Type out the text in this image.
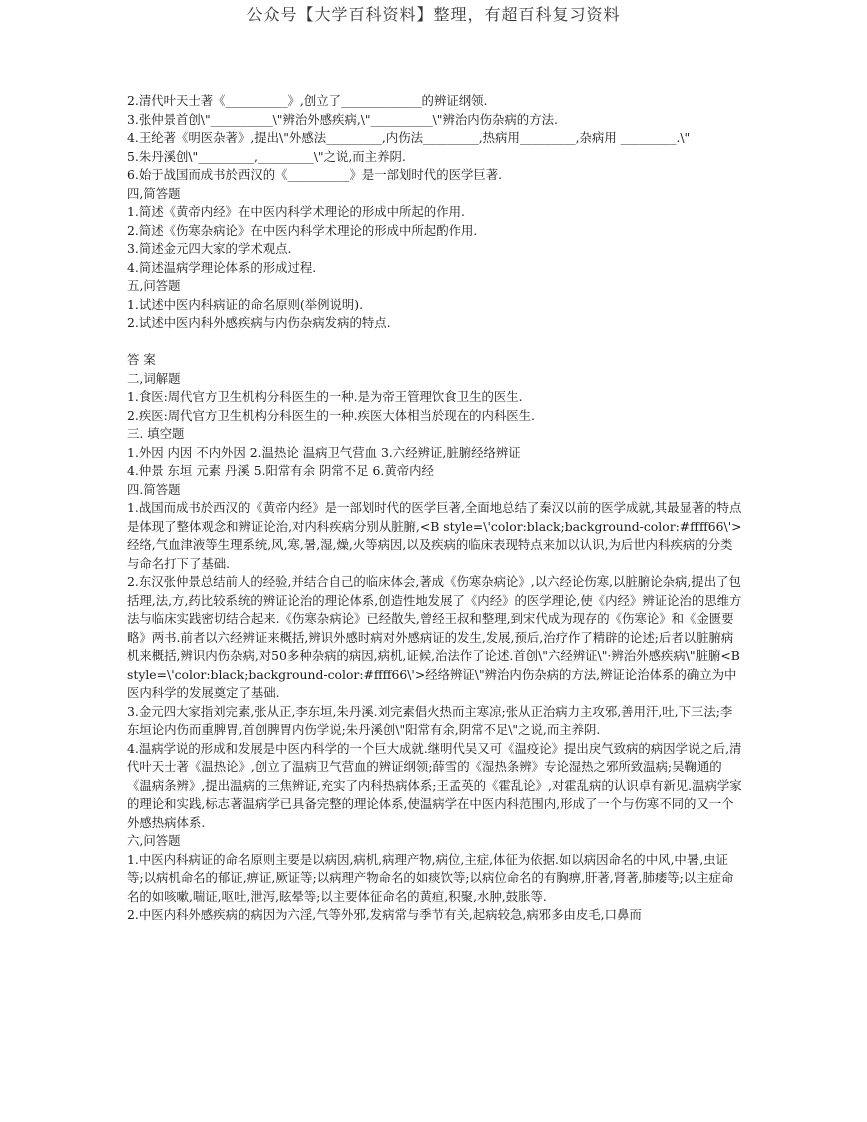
公众号【大学百科资料】整理，有超百科复习资料

2.清代叶天士著《__________》,创立了_____________的辨证纲领.

3.张仲景首创\"__________\"辨治外感疾病,\"__________\"辨治内伤杂病的方法.

4.王纶著《明医杂著》,提出\"外感法_________,内伤法_________,热病用_________,杂病用 _________.\"

5.朱丹溪创\"_________,_________\"之说,而主养阴.

6.始于战国而成书於西汉的《__________》是一部划时代的医学巨著.

四,简答题

1.简述《黄帝内经》在中医内科学术理论的形成中所起的作用.

2.简述《伤寒杂病论》在中医内科学术理论的形成中所起酌作用.

3.简述金元四大家的学术观点.

4.简述温病学理论体系的形成过程.

五,问答题

1.试述中医内科病证的命名原则(举例说明).

2.试述中医内科外感疾病与内伤杂病发病的特点.

答 案

二,词解题

1.食医:周代官方卫生机构分科医生的一种.是为帝王管理饮食卫生的医生.

2.疾医:周代官方卫生机构分科医生的一种.疾医大体相当於现在的内科医生.

三. 填空题

1.外因 内因 不内外因 2.温热论 温病卫气营血 3.六经辨证,脏腑经络辨证

4.仲景 东垣 元素 丹溪 5.阳常有余 阴常不足 6.黄帝内经

四.简答题

1.战国而成书於西汉的《黄帝内经》是一部划时代的医学巨著,全面地总结了秦汉以前的医学成就,其最显著的特点是体现了整体观念和辨证论治,对内科疾病分别从脏腑,<B style=\'color:black;background-color:#ffff66\'>经络,气血津液等生理系统,风,寒,暑,湿,燥,火等病因,以及疾病的临床表现特点来加以认识,为后世内科疾病的分类与命名打下了基础.

2.东汉张仲景总结前人的经验,并结合自己的临床体会,著成《伤寒杂病论》,以六经论伤寒,以脏腑论杂病,提出了包括理,法,方,药比较系统的辨证论治的理论体系,创造性地发展了《内经》的医学理论,使《内经》辨证论治的思维方法与临床实践密切结合起来.《伤寒杂病论》已经散失,曾经王叔和整理,到宋代成为现存的《伤寒论》和《金匮要略》两书.前者以六经辨证来概括,辨识外感时病对外感病证的发生,发展,预后,治疗作了精辟的论述;后者以脏腑病机来概括,辨识内伤杂病,对50多种杂病的病因,病机,证候,治法作了论述.首创\"六经辨证\"·辨治外感疾病\"脏腑<B style=\'color:black;background-color:#ffff66\'>经络辨证\"辨治内伤杂病的方法,辨证论治体系的确立为中医内科学的发展奠定了基础.

3.金元四大家指刘完素,张从正,李东垣,朱丹溪.刘完素倡火热而主寒凉;张从正治病力主攻邪,善用汗,吐,下三法;李东垣论内伤而重脾胃,首创脾胃内伤学说;朱丹溪创\"阳常有余,阴常不足\"之说,而主养阴.

4.温病学说的形成和发展是中医内科学的一个巨大成就.继明代吴又可《温疫论》提出戾气致病的病因学说之后,清代叶天士著《温热论》,创立了温病卫气营血的辨证纲领;薛雪的《湿热条辨》专论湿热之邪所致温病;吴鞠通的《温病条辨》,提出温病的三焦辨证,充实了内科热病体系;王孟英的《霍乱论》,对霍乱病的认识卓有新见.温病学家的理论和实践,标志著温病学已具备完整的理论体系,使温病学在中医内科范围内,形成了一个与伤寒不同的又一个外感热病体系.

六,问答题

1.中医内科病证的命名原则主要是以病因,病机,病理产物,病位,主症,体征为依据.如以病因命名的中风,中暑,虫证等;以病机命名的郁证,痹证,厥证等;以病理产物命名的如痰饮等;以病位命名的有胸痹,肝著,肾著,肺痿等;以主症命名的如咳嗽,喘证,呕吐,泄泻,眩晕等;以主要体征命名的黄疸,积聚,水肿,鼓胀等.

2.中医内科外感疾病的病因为六淫,气等外邪,发病常与季节有关,起病较急,病邪多由皮毛,口鼻而
